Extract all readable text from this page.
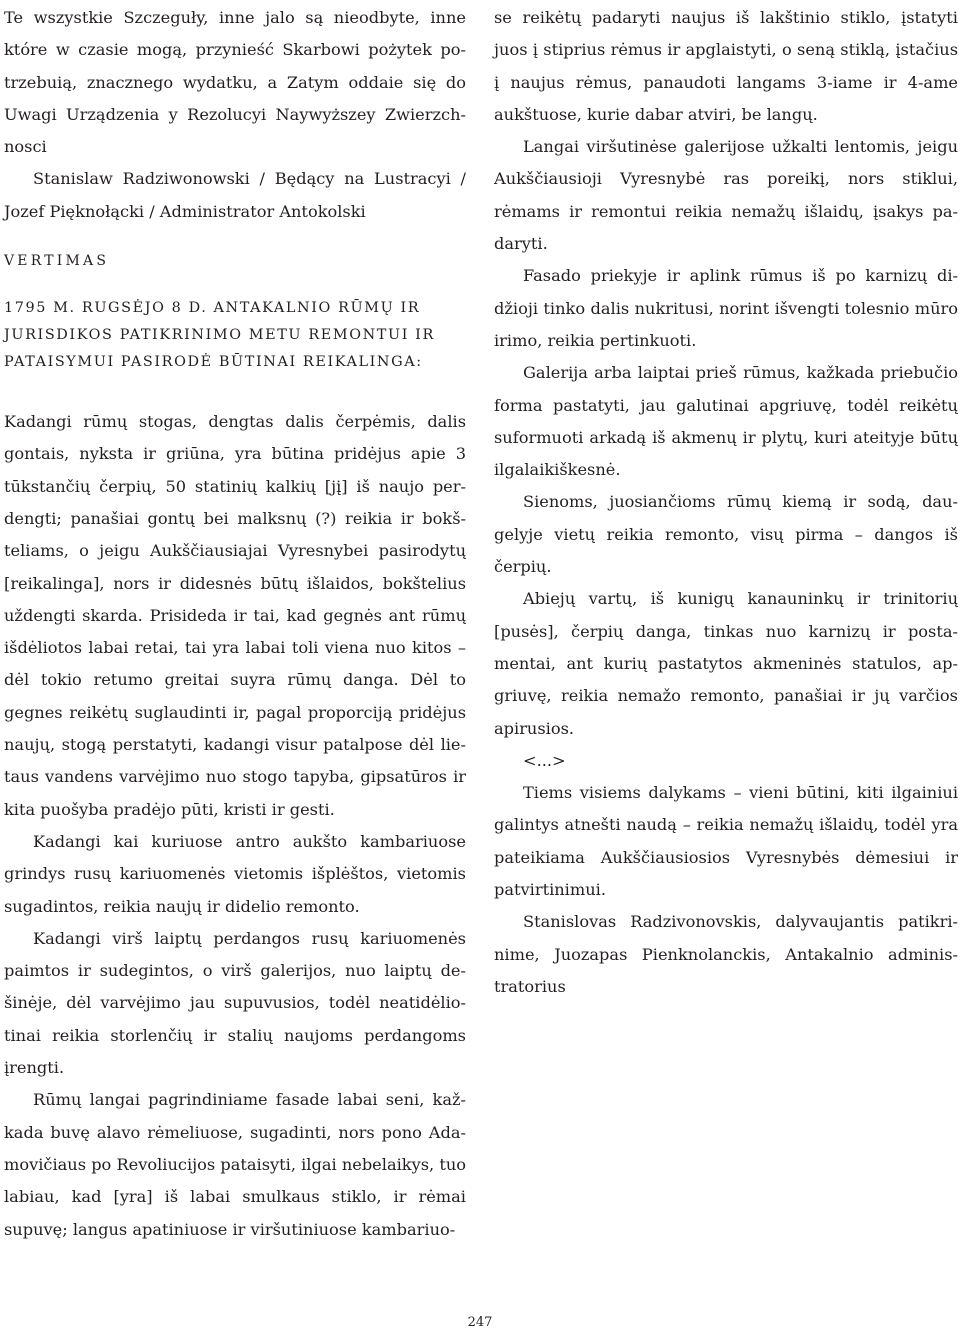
Te wszystkie Szczeguły, inne jalo są nieodbyte, inne które w czasie mogą, przynieść Skarbowi pożytek potrzebuią, znacznego wydatku, a Zatym oddaie się do Uwagi Urządzenia y Rezolucyi Naywyższey Zwierzchnosci

Stanislaw Radziwonowski / Będący na Lustracyi / Jozef Pięknołącki / Administrator Antokolski

VERTIMAS
1795 M. RUGSĖJO 8 D. ANTAKALNIO RŪMŲ IR JURISDIKOS PATIKRINIMO METU REMONTUI IR PATAISYMUI PASIRODĖ BŪTINAI REIKALINGA:

Kadangi rūmų stogas, dengtas dalis čerpėmis, dalis gontais, nyksta ir griūna, yra būtina pridėjus apie 3 tūkstančių čerpių, 50 statinių kalkių [jį] iš naujo perdengti; panašiai gontų bei malksnų (?) reikia ir bokšteliams, o jeigu Aukščiausiajai Vyresnybei pasirodytų [reikalinga], nors ir didesnės būtų išlaidos, bokštelius uždengti skarda. Prisideda ir tai, kad gegnės ant rūmų išdėliotos labai retai, tai yra labai toli viena nuo kitos – dėl tokio retumo greitai suyra rūmų danga. Dėl to gegnes reikėtų suglaudinti ir, pagal proporciją pridėjus naujų, stogą perstatyti, kadangi visur patalpose dėl lietaus vandens varvėjimo nuo stogo tapyba, gipsatūros ir kita puošyba pradėjo pūti, kristi ir gesti.

Kadangi kai kuriuose antro aukšto kambariuose grindys rusų kariuomenės vietomis išplėštos, vietomis sugadintos, reikia naujų ir didelio remonto.

Kadangi virš laiptų perdangos rusų kariuomenės paimtos ir sudegintos, o virš galerijos, nuo laiptų dešinėje, dėl varvėjimo jau supuvusios, todėl neatidėliotinai reikia storlenčių ir stalių naujoms perdangoms įrengti.

Rūmų langai pagrindiniame fasade labai seni, kažkada buvę alavo rėmeliuose, sugadinti, nors pono Adamovičiaus po Revoliucijos pataisyti, ilgai nebelaikys, tuo labiau, kad [yra] iš labai smulkaus stiklo, ir rėmai supuvę; langus apatiniuose ir viršutiniuose kambariuo-

se reikėtų padaryti naujus iš lakštinio stiklo, įstatyti juos į stiprius rėmus ir apglaistyti, o seną stiklą, įstačius į naujus rėmus, panaudoti langams 3-iame ir 4-ame aukštuose, kurie dabar atviri, be langų.

Langai viršutinėse galerijose užkalti lentomis, jeigu Aukščiausioji Vyresnybė ras poreikį, nors stiklui, rėmams ir remontui reikia nemažų išlaidų, įsakys padaryti.

Fasado priekyje ir aplink rūmus iš po karnizų didžioji tinko dalis nukritusi, norint išvengti tolesnio mūro irimo, reikia pertinkuoti.

Galerija arba laiptai prieš rūmus, kažkada priebučio forma pastatyti, jau galutinai apgriuvę, todėl reikėtų suformuoti arkadą iš akmenų ir plytų, kuri ateityje būtų ilgalaikiškesnė.

Sienoms, juosiančioms rūmų kiemą ir sodą, daugelyje vietų reikia remonto, visų pirma – dangos iš čerpių.

Abiejų vartų, iš kunigų kanauninkų ir trinitorių [pusės], čerpių danga, tinkas nuo karnizų ir postamentai, ant kurių pastatytos akmeninės statulos, apgriuvę, reikia nemažo remonto, panašiai ir jų varčios apirusios.

<...>

Tiems visiems dalykams – vieni būtini, kiti ilgainiui galintys atnešti naudą – reikia nemažų išlaidų, todėl yra pateikiama Aukščiausiosios Vyresnybės dėmesiui ir patvirtinimui.

Stanislovas Radzivonovskis, dalyvaujantis patikrinime, Juozapas Pienknolanckis, Antakalnio administratorius

247
